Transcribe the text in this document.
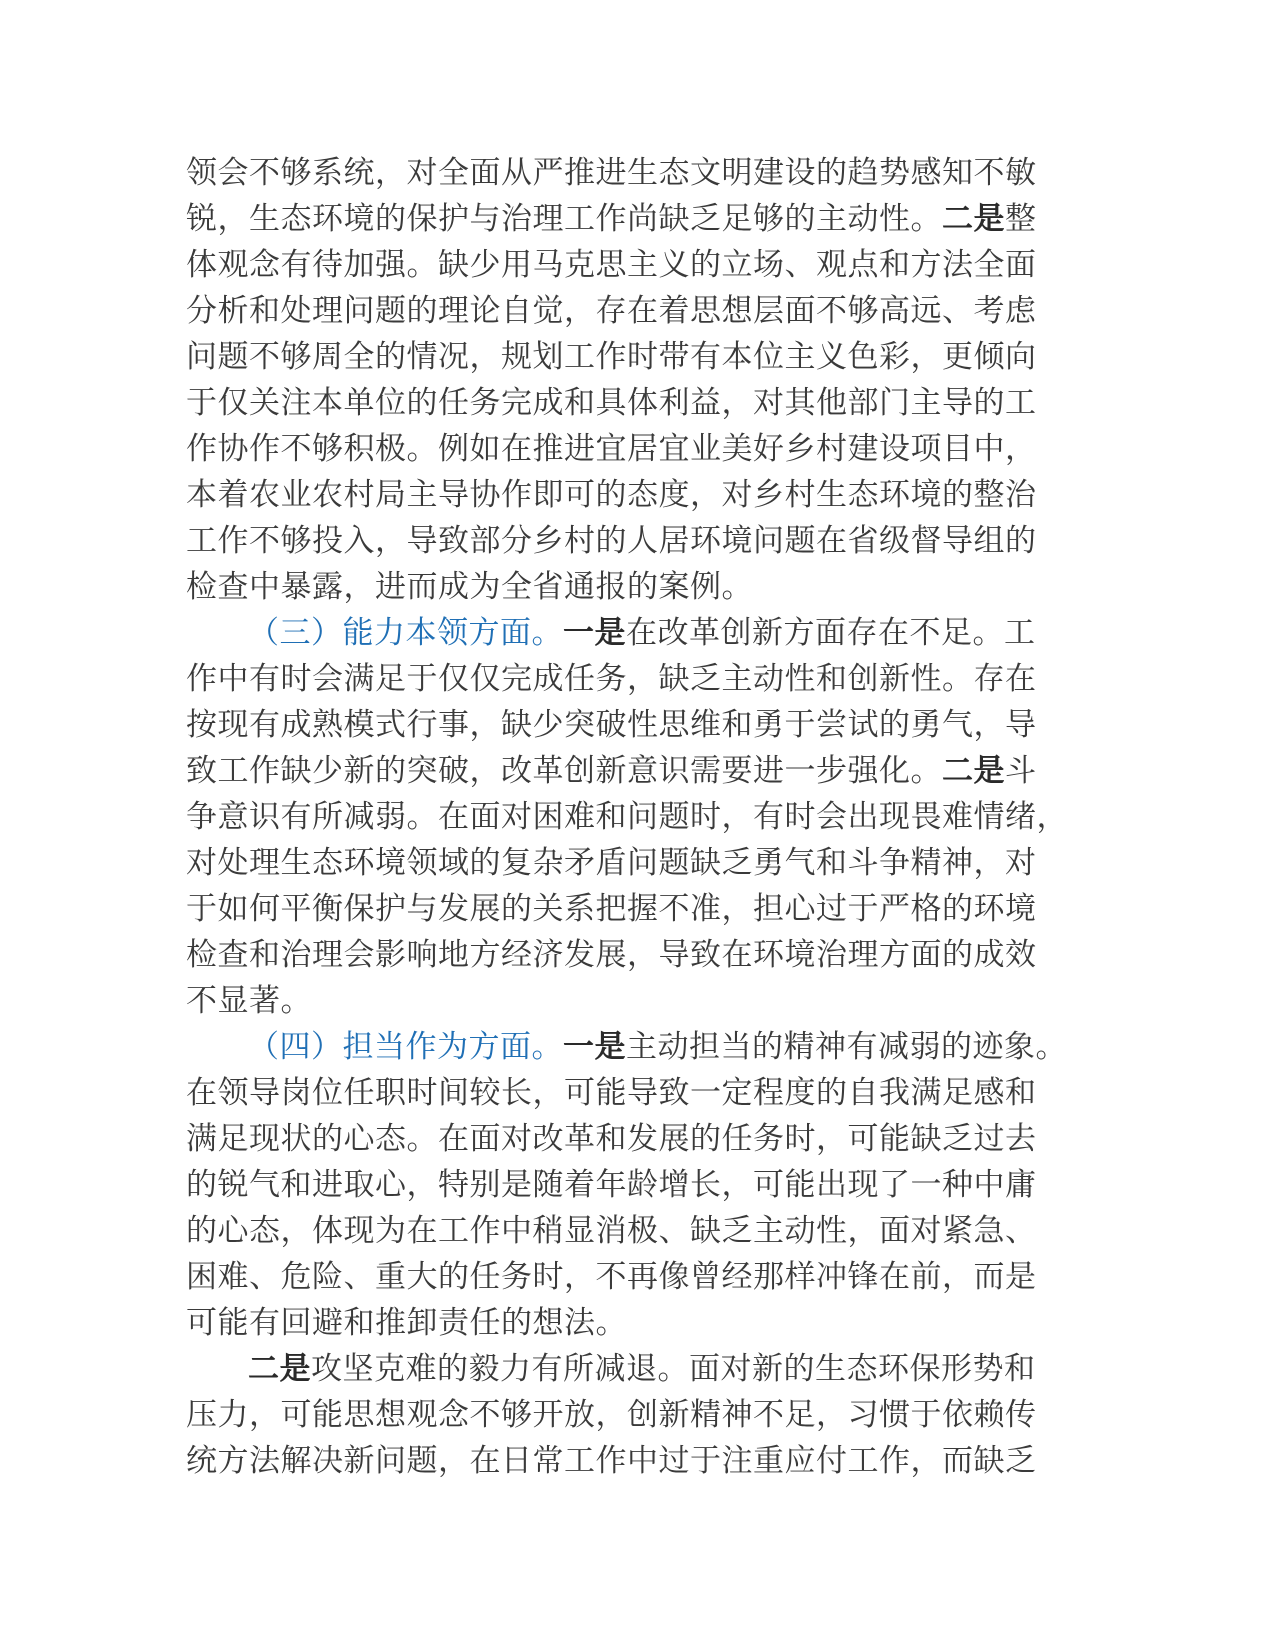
领会不够系统，对全面从严推进生态文明建设的趋势感知不敏
锐，生态环境的保护与治理工作尚缺乏足够的主动性。二是整
体观念有待加强。缺少用马克思主义的立场、观点和方法全面
分析和处理问题的理论自觉，存在着思想层面不够高远、考虑
问题不够周全的情况，规划工作时带有本位主义色彩，更倾向
于仅关注本单位的任务完成和具体利益，对其他部门主导的工
作协作不够积极。例如在推进宜居宜业美好乡村建设项目中，
本着农业农村局主导协作即可的态度，对乡村生态环境的整治
工作不够投入，导致部分乡村的人居环境问题在省级督导组的
检查中暴露，进而成为全省通报的案例。
（三）能力本领方面。一是在改革创新方面存在不足。工
作中有时会满足于仅仅完成任务，缺乏主动性和创新性。存在
按现有成熟模式行事，缺少突破性思维和勇于尝试的勇气，导
致工作缺少新的突破，改革创新意识需要进一步强化。二是斗
争意识有所减弱。在面对困难和问题时，有时会出现畏难情绪，
对处理生态环境领域的复杂矛盾问题缺乏勇气和斗争精神，对
于如何平衡保护与发展的关系把握不准，担心过于严格的环境
检查和治理会影响地方经济发展，导致在环境治理方面的成效
不显著。
（四）担当作为方面。一是主动担当的精神有减弱的迹象。
在领导岗位任职时间较长，可能导致一定程度的自我满足感和
满足现状的心态。在面对改革和发展的任务时，可能缺乏过去
的锐气和进取心，特别是随着年龄增长，可能出现了一种中庸
的心态，体现为在工作中稍显消极、缺乏主动性，面对紧急、
困难、危险、重大的任务时，不再像曾经那样冲锋在前，而是
可能有回避和推卸责任的想法。
二是攻坚克难的毅力有所减退。面对新的生态环保形势和
压力，可能思想观念不够开放，创新精神不足，习惯于依赖传
统方法解决新问题，在日常工作中过于注重应付工作，而缺乏
